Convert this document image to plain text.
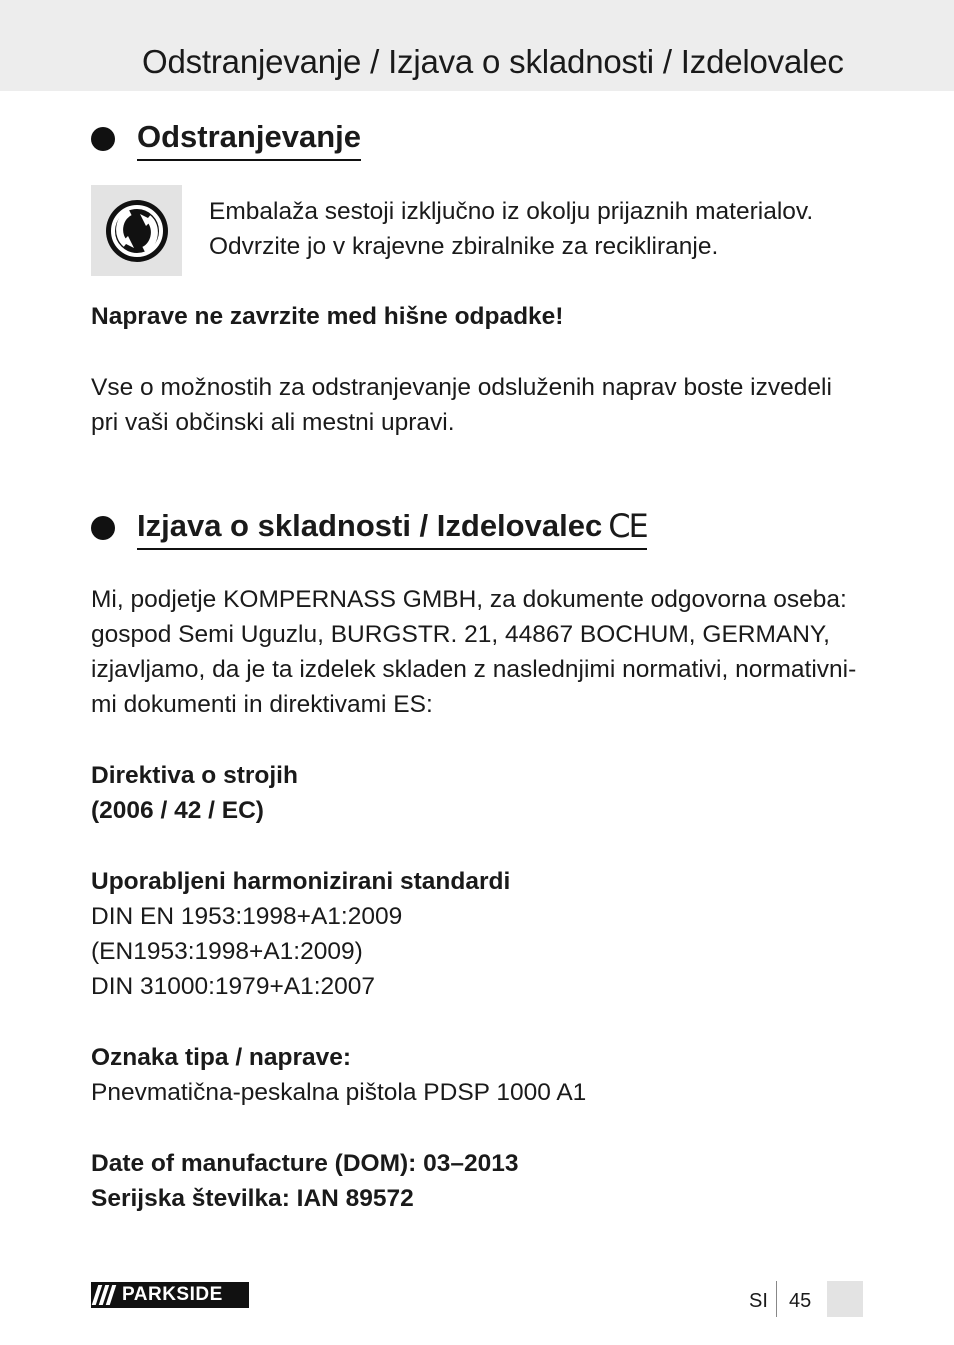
Odstranjevanje / Izjava o skladnosti / Izdelovalec
Odstranjevanje
Embalaža sestoji izključno iz okolju prijaznih materialov.
Odvrzite jo v krajevne zbiralnike za recikliranje.
Naprave ne zavrzite med hišne odpadke!
Vse o možnostih za odstranjevanje odsluženih naprav boste izvedeli
pri vaši občinski ali mestni upravi.
Izjava o skladnosti / Izdelovalec CE
Mi, podjetje KOMPERNASS GMBH, za dokumente odgovorna oseba:
gospod Semi Uguzlu, BURGSTR. 21, 44867 BOCHUM, GERMANY,
izjavljamo, da je ta izdelek skladen z naslednjimi normativi, normativni-
mi dokumenti in direktivami ES:
Direktiva o strojih
(2006 / 42 / EC)
Uporabljeni harmonizirani standardi
DIN EN 1953:1998+A1:2009
(EN1953:1998+A1:2009)
DIN 31000:1979+A1:2007
Oznaka tipa / naprave:
Pnevmatična-peskalna pištola PDSP 1000 A1
Date of manufacture (DOM): 03–2013
Serijska številka: IAN 89572
PARKSIDE	SI 45
